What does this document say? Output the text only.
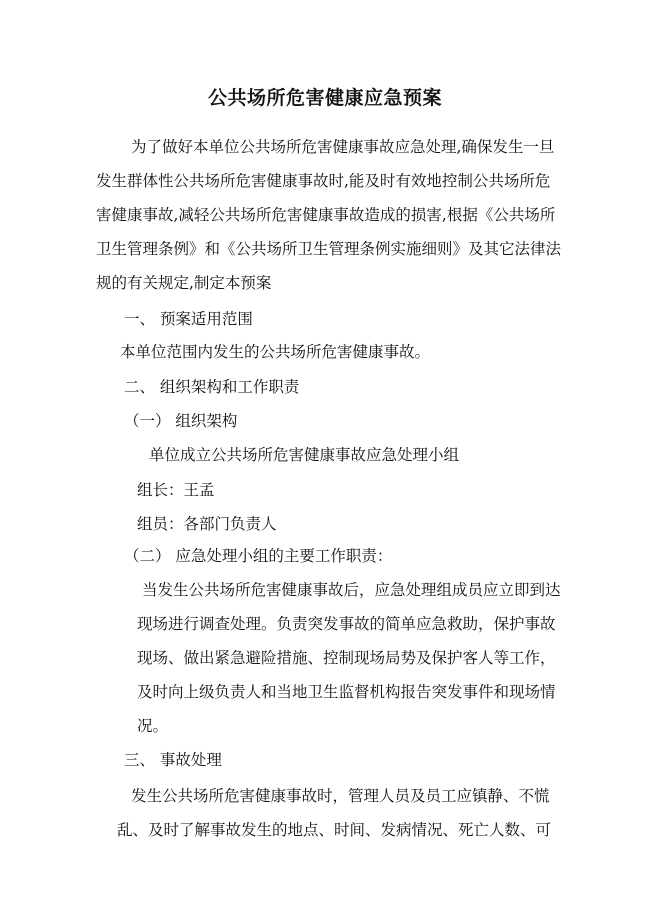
公共场所危害健康应急预案

为了做好本单位公共场所危害健康事故应急处理,确保发生一旦

发生群体性公共场所危害健康事故时,能及时有效地控制公共场所危

害健康事故,减轻公共场所危害健康事故造成的损害,根据《公共场所

卫生管理条例》和《公共场所卫生管理条例实施细则》及其它法律法

规的有关规定,制定本预案

一、 预案适用范围

本单位范围内发生的公共场所危害健康事故。

二、 组织架构和工作职责

（一） 组织架构

单位成立公共场所危害健康事故应急处理小组

组长：王孟

组员：各部门负责人

（二） 应急处理小组的主要工作职责：

当发生公共场所危害健康事故后，应急处理组成员应立即到达

现场进行调查处理。负责突发事故的简单应急救助，保护事故

现场、做出紧急避险措施、控制现场局势及保护客人等工作，

及时向上级负责人和当地卫生监督机构报告突发事件和现场情

况。

三、 事故处理

发生公共场所危害健康事故时，管理人员及员工应镇静、不慌

乱、及时了解事故发生的地点、时间、发病情况、死亡人数、可
